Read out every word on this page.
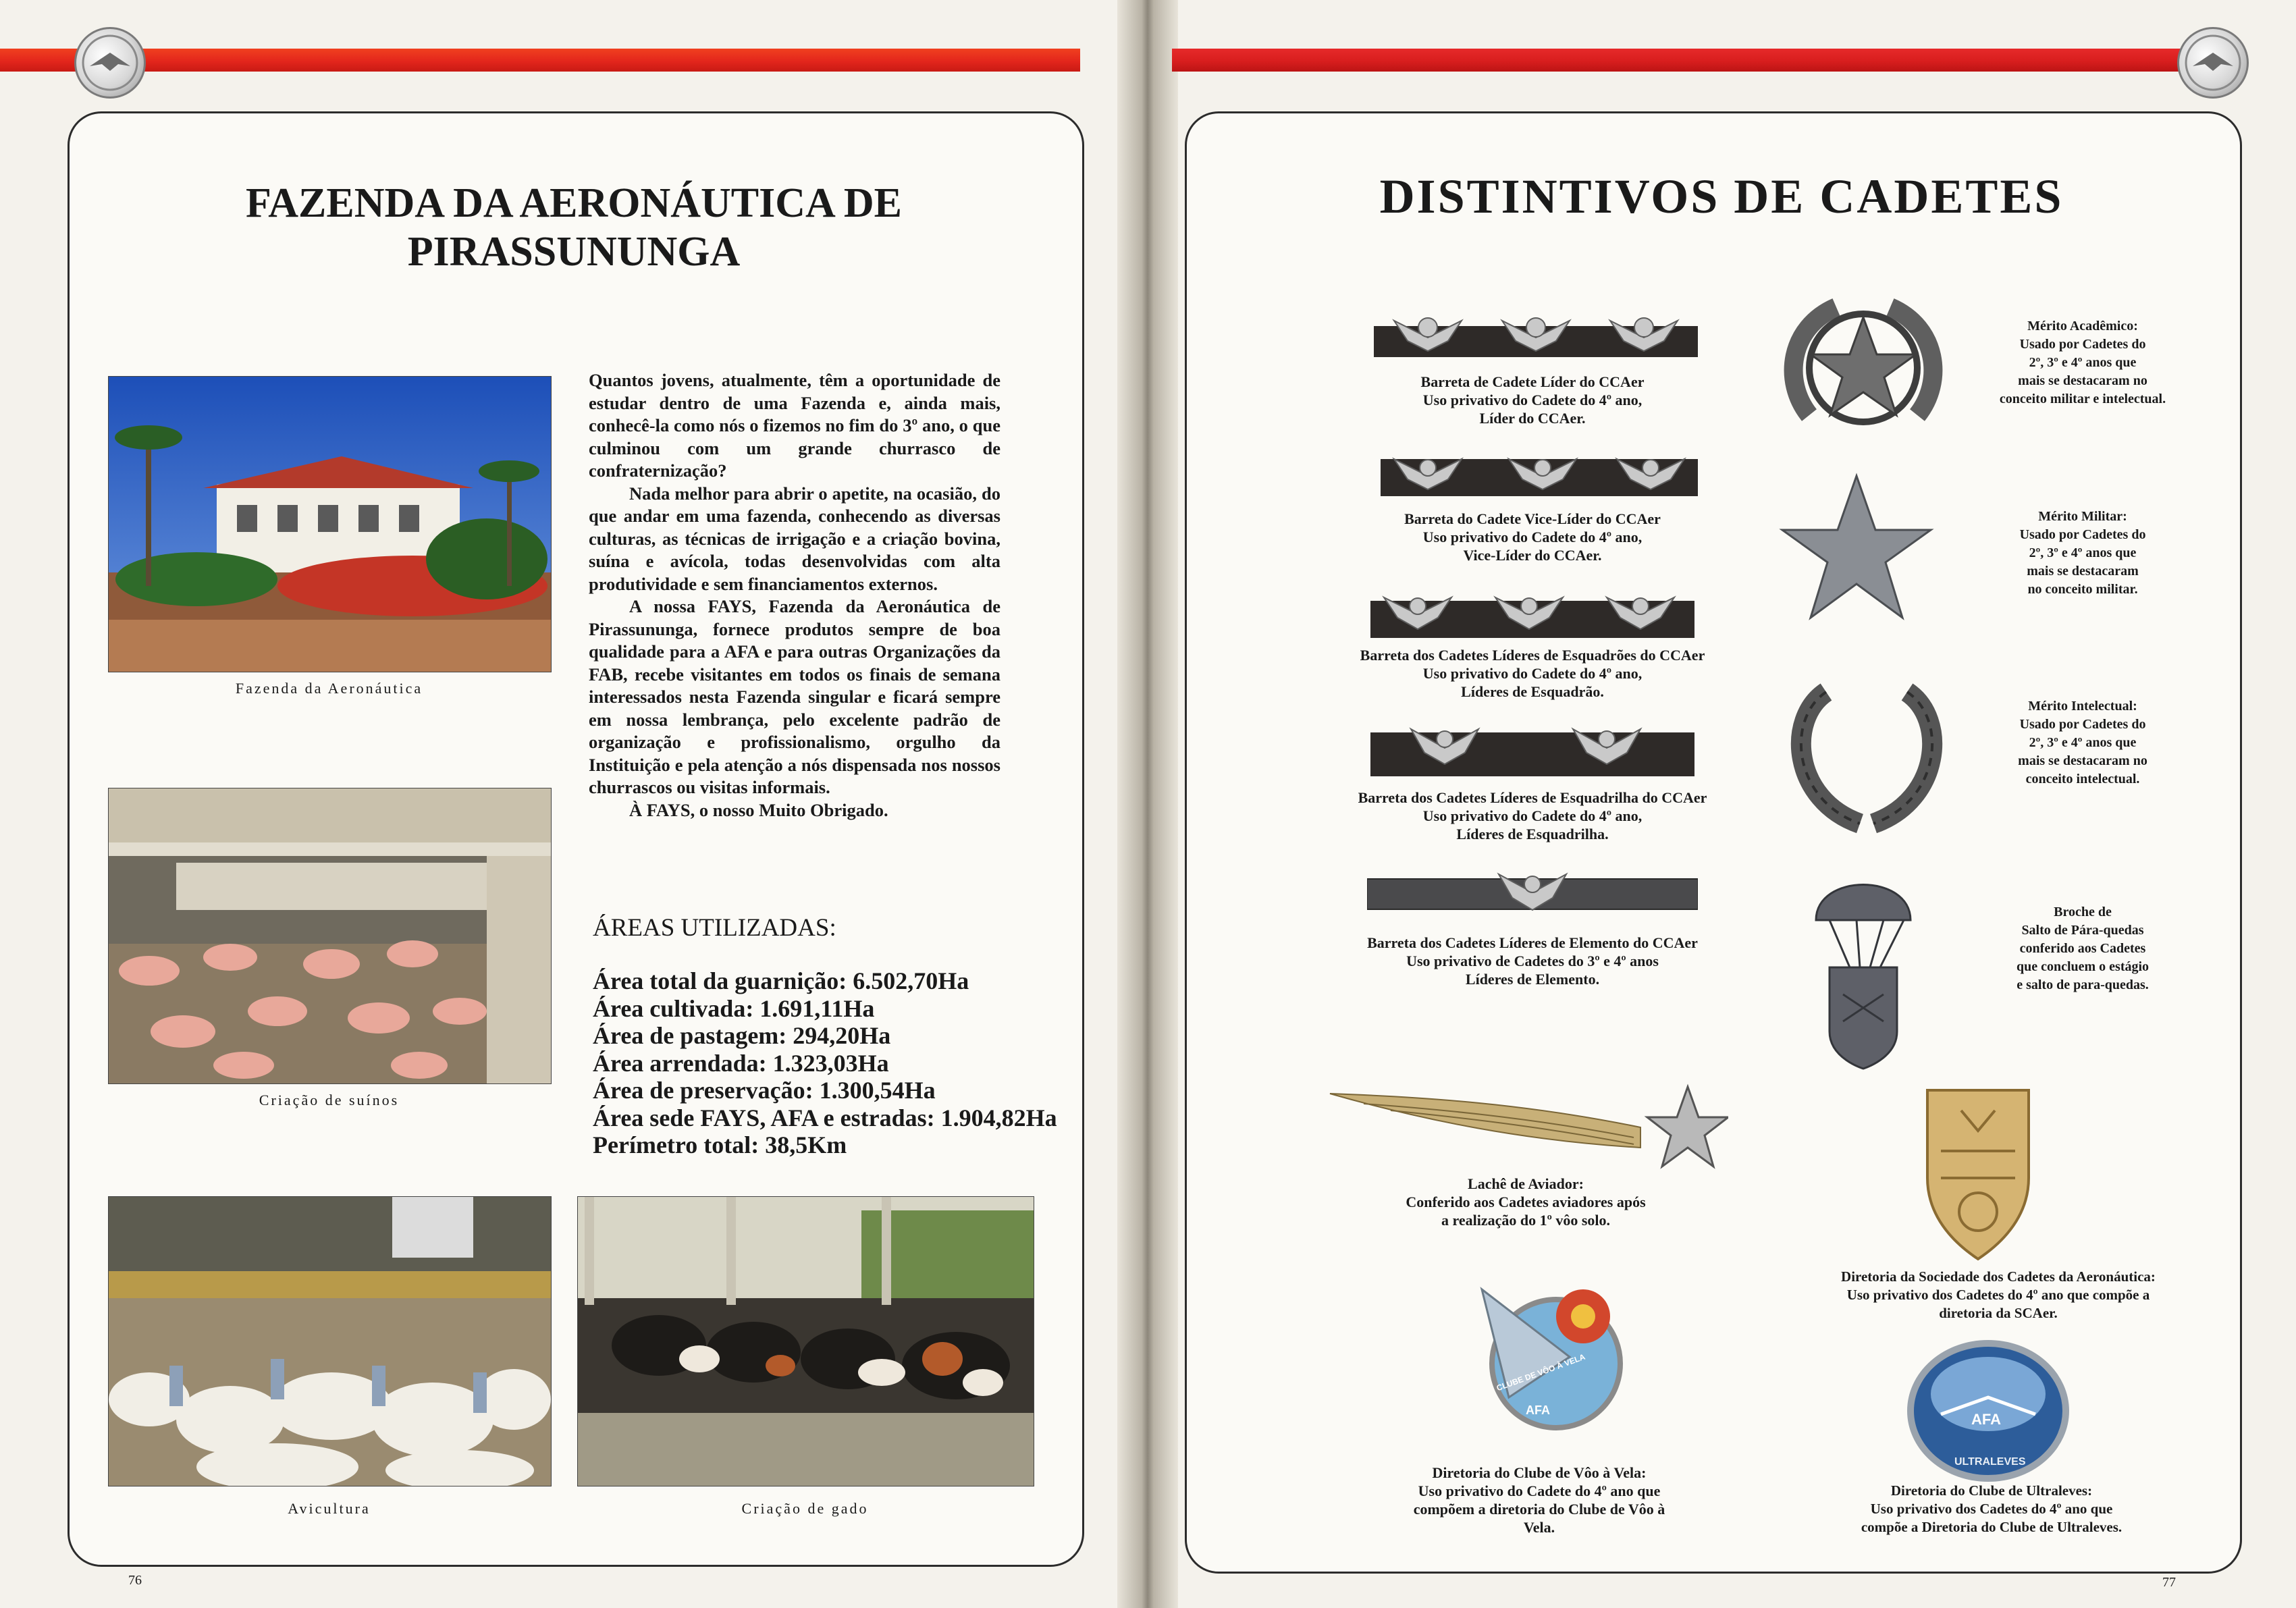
FAZENDA DA AERONÁUTICA DE
PIRASSUNUNGA
Fazenda da Aeronáutica
Criação de suínos
Avicultura	Criação de gado

Quantos jovens, atualmente, têm a oportunidade de estudar dentro de uma Fazenda e, ainda mais, conhecê-la como nós o fizemos no fim do 3º ano, o que culminou com um grande churrasco de confraternização?

Nada melhor para abrir o apetite, na ocasião, do que andar em uma fazenda, conhecendo as diversas culturas, as técnicas de irrigação e a criação bovina, suína e avícola, todas desenvolvidas com alta produtividade e sem financiamentos externos.

A nossa FAYS, Fazenda da Aeronáutica de Pirassununga, fornece produtos sempre de boa qualidade para a AFA e para outras Organizações da FAB, recebe visitantes em todos os finais de semana interessados nesta Fazenda singular e ficará sempre em nossa lembrança, pelo excelente padrão de organização e profissionalismo, orgulho da Instituição e pela atenção a nós dispensada nos nossos churrascos ou visitas informais.

À FAYS, o nosso Muito Obrigado.

ÁREAS UTILIZADAS:
Área total da guarnição: 6.502,70Ha
Área cultivada: 1.691,11Ha
Área de pastagem: 294,20Ha
Área arrendada: 1.323,03Ha
Área de preservação: 1.300,54Ha
Área sede FAYS, AFA e estradas: 1.904,82Ha
Perímetro total: 38,5Km
76
DISTINTIVOS DE CADETES
Barreta de Cadete Líder do CCAer
Uso privativo do Cadete do 4º ano,
Líder do CCAer.
Barreta do Cadete Vice-Líder do CCAer
Uso privativo do Cadete do 4º ano,
Vice-Líder do CCAer.
Barreta dos Cadetes Líderes de Esquadrões do CCAer
Uso privativo do Cadete do 4º ano,
Líderes de Esquadrão.
Barreta dos Cadetes Líderes de Esquadrilha do CCAer
Uso privativo do Cadete do 4º ano,
Líderes de Esquadrilha.
Barreta dos Cadetes Líderes de Elemento do CCAer
Uso privativo de Cadetes do 3º e 4º anos
Líderes de Elemento.
Lachê de Aviador:
Conferido aos Cadetes aviadores após
a realização do 1º vôo solo.
AFA
CLUBE DE VÔO À VELA
Diretoria do Clube de Vôo à Vela:
Uso privativo do Cadete do 4º ano que
compõem a diretoria do Clube de Vôo à
Vela.
Mérito Acadêmico:
Usado por Cadetes do
2º, 3º e 4º anos que
mais se destacaram no
conceito militar e intelectual.
Mérito Militar:
Usado por Cadetes do
2º, 3º e 4º anos que
mais se destacaram
no conceito militar.
Mérito Intelectual:
Usado por Cadetes do
2º, 3º e 4º anos que
mais se destacaram no
conceito intelectual.
Broche de
Salto de Pára-quedas
conferido aos Cadetes
que concluem o estágio
e salto de para-quedas.
Diretoria da Sociedade dos Cadetes da Aeronáutica:
Uso privativo dos Cadetes do 4º ano que compõe a
diretoria da SCAer.
AFA
ULTRALEVES
Diretoria do Clube de Ultraleves:
Uso privativo dos Cadetes do 4º ano que
compõe a Diretoria do Clube de Ultraleves.
77
